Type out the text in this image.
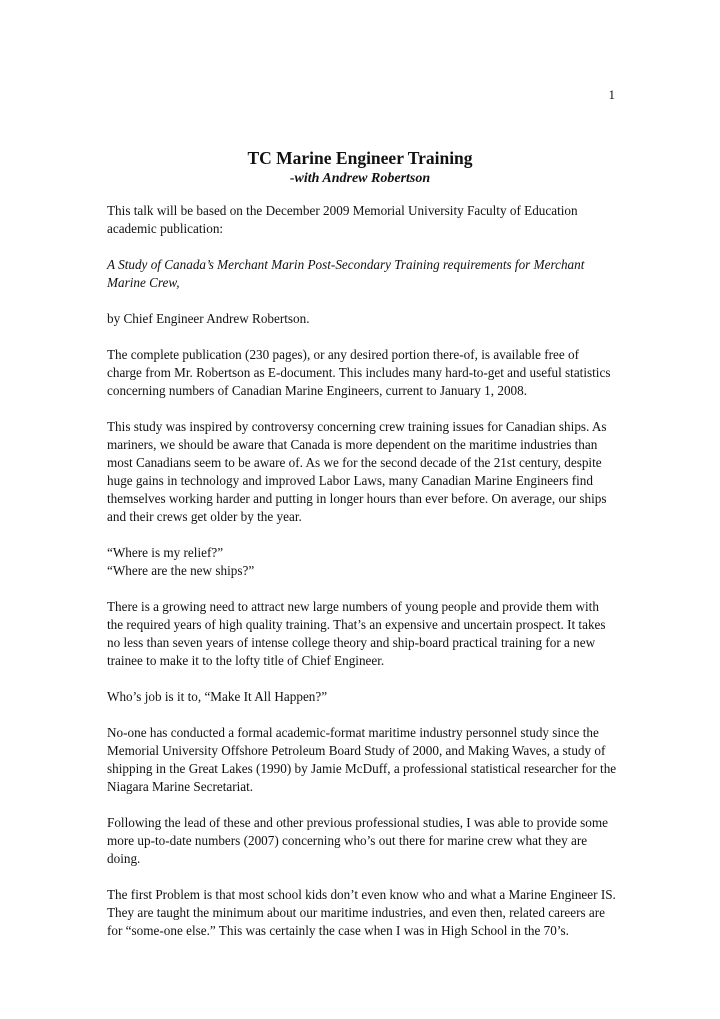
1
TC Marine Engineer Training
-with Andrew Robertson

This talk will be based on the December 2009 Memorial University Faculty of Education academic publication:

A Study of Canada’s Merchant Marin Post-Secondary Training requirements for Merchant Marine Crew,

by Chief Engineer Andrew Robertson.

The complete publication (230 pages), or any desired portion there-of, is available free of charge from Mr. Robertson as E-document. This includes many hard-to-get and useful statistics concerning numbers of Canadian Marine Engineers, current to January 1, 2008.

This study was inspired by controversy concerning crew training issues for Canadian ships. As mariners, we should be aware that Canada is more dependent on the maritime industries than most Canadians seem to be aware of. As we for the second decade of the 21st century, despite huge gains in technology and improved Labor Laws, many Canadian Marine Engineers find themselves working harder and putting in longer hours than ever before. On average, our ships and their crews get older by the year.

“Where is my relief?”

“Where are the new ships?”

There is a growing need to attract new large numbers of young people and provide them with the required years of high quality training. That’s an expensive and uncertain prospect. It takes no less than seven years of intense college theory and ship-board practical training for a new trainee to make it to the lofty title of Chief Engineer.

Who’s job is it to, “Make It All Happen?”

No-one has conducted a formal academic-format maritime industry personnel study since the Memorial University Offshore Petroleum Board Study of 2000, and Making Waves, a study of shipping in the Great Lakes (1990) by Jamie McDuff, a professional statistical researcher for the Niagara Marine Secretariat.

Following the lead of these and other previous professional studies, I was able to provide some more up-to-date numbers (2007) concerning who’s out there for marine crew what they are doing.

The first Problem is that most school kids don’t even know who and what a Marine Engineer IS. They are taught the minimum about our maritime industries, and even then, related careers are for “some-one else.” This was certainly the case when I was in High School in the 70’s.
